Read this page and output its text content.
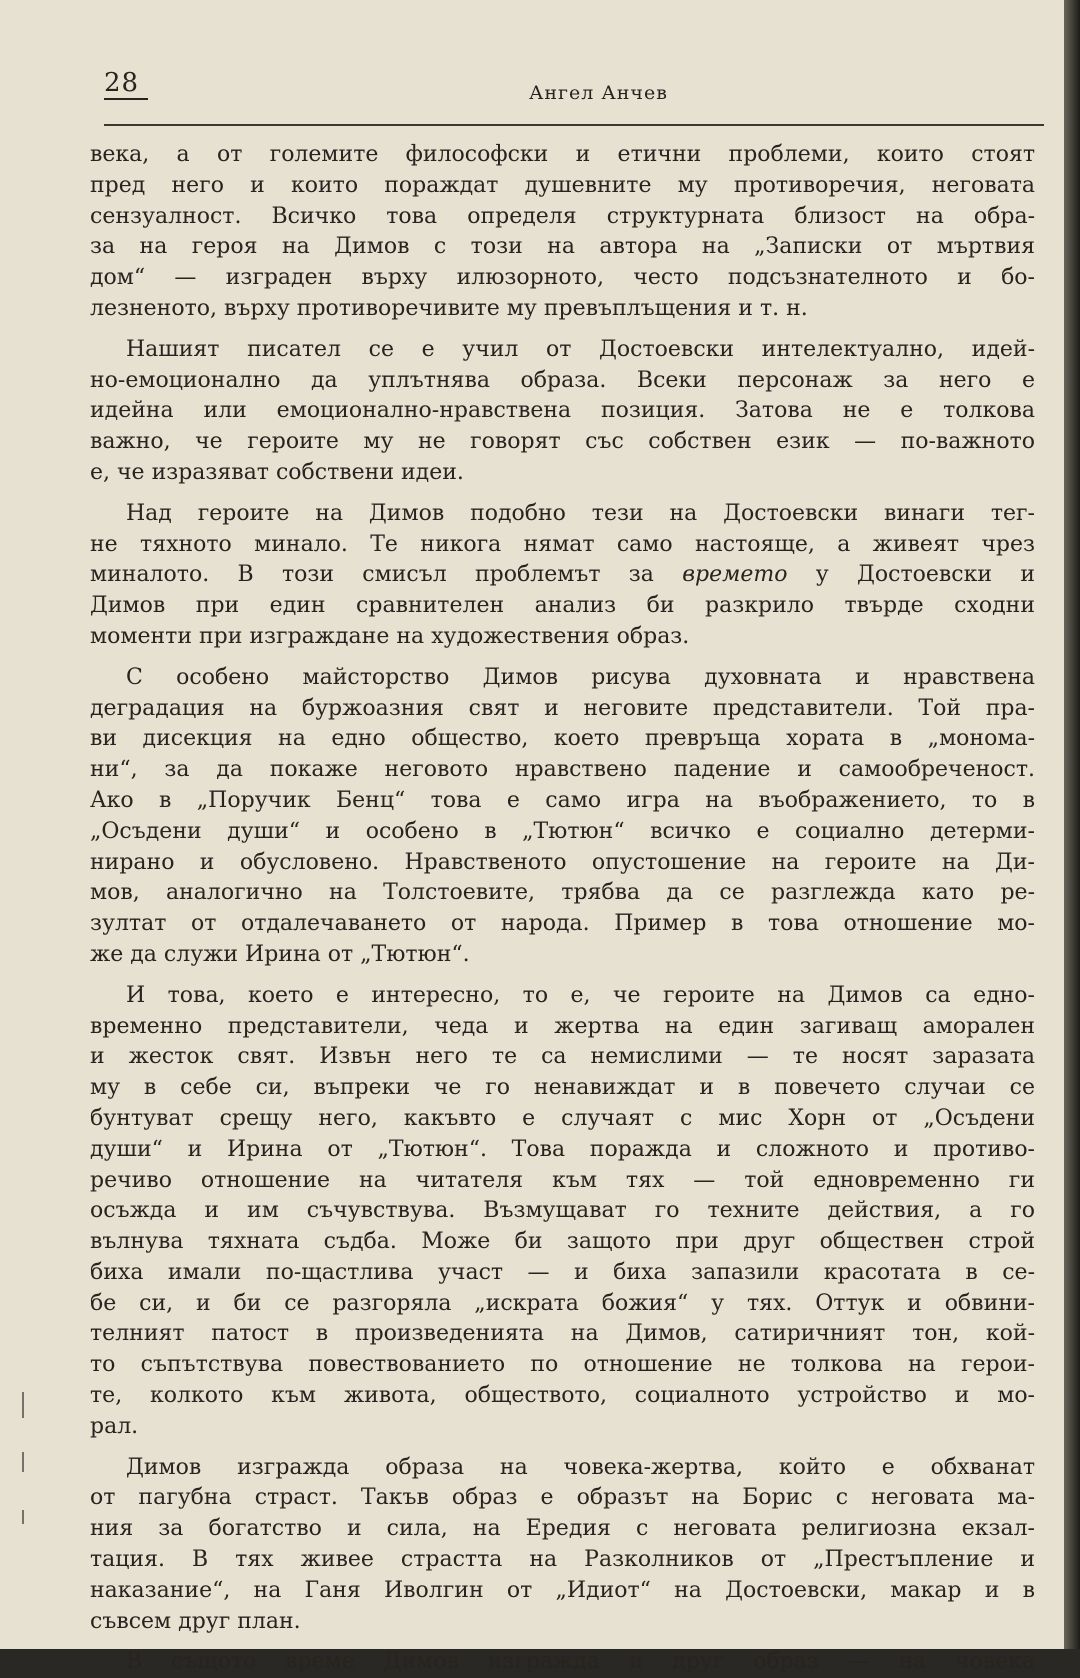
28	Ангел Анчев
века, а от големите философски и етични проблеми, които стоят
пред него и които пораждат душевните му противоречия, неговата
сензуалност. Всичко това определя структурната близост на обра-
за на героя на Димов с този на автора на „Записки от мъртвия
дом“ — изграден върху илюзорното, често подсъзнателното и бо-
лезненото, върху противоречивите му превъплъщения и т. н.
Нашият писател се е учил от Достоевски интелектуално, идей-
но-емоционално да уплътнява образа. Всеки персонаж за него е
идейна или емоционално-нравствена позиция. Затова не е толкова
важно, че героите му не говорят със собствен език — по-важното
е, че изразяват собствени идеи.
Над героите на Димов подобно тези на Достоевски винаги тег-
не тяхното минало. Те никога нямат само настояще, а живеят чрез
миналото. В този смисъл проблемът за времето у Достоевски и
Димов при един сравнителен анализ би разкрило твърде сходни
моменти при изграждане на художествения образ.
С особено майсторство Димов рисува духовната и нравствена
деградация на буржоазния свят и неговите представители. Той пра-
ви дисекция на едно общество, което превръща хората в „монома-
ни“, за да покаже неговото нравствено падение и самообреченост.
Ако в „Поручик Бенц“ това е само игра на въображението, то в
„Осъдени души“ и особено в „Тютюн“ всичко е социално детерми-
нирано и обусловено. Нравственото опустошение на героите на Ди-
мов, аналогично на Толстоевите, трябва да се разглежда като ре-
зултат от отдалечаването от народа. Пример в това отношение мо-
же да служи Ирина от „Тютюн“.
И това, което е интересно, то е, че героите на Димов са едно-
временно представители, чеда и жертва на един загиващ аморален
и жесток свят. Извън него те са немислими — те носят заразата
му в себе си, въпреки че го ненавиждат и в повечето случаи се
бунтуват срещу него, какъвто е случаят с мис Хорн от „Осъдени
души“ и Ирина от „Тютюн“. Това поражда и сложното и противо-
речиво отношение на читателя към тях — той едновременно ги
осъжда и им съчувствува. Възмущават го техните действия, а го
вълнува тяхната съдба. Може би защото при друг обществен строй
биха имали по-щастлива участ — и биха запазили красотата в се-
бе си, и би се разгоряла „искрата божия“ у тях. Оттук и обвини-
телният патост в произведенията на Димов, сатиричният тон, кой-
то съпътствува повествованието по отношение не толкова на герои-
те, колкото към живота, обществото, социалното устройство и мо-
рал.
Димов изгражда образа на човека-жертва, който е обхванат
от пагубна страст. Такъв образ е образът на Борис с неговата ма-
ния за богатство и сила, на Ередия с неговата религиозна екзал-
тация. В тях живее страстта на Разколников от „Престъпление и
наказание“, на Ганя Иволгин от „Идиот“ на Достоевски, макар и в
съвсем друг план.
В същото време Димов изгражда и друг образ — на човека
